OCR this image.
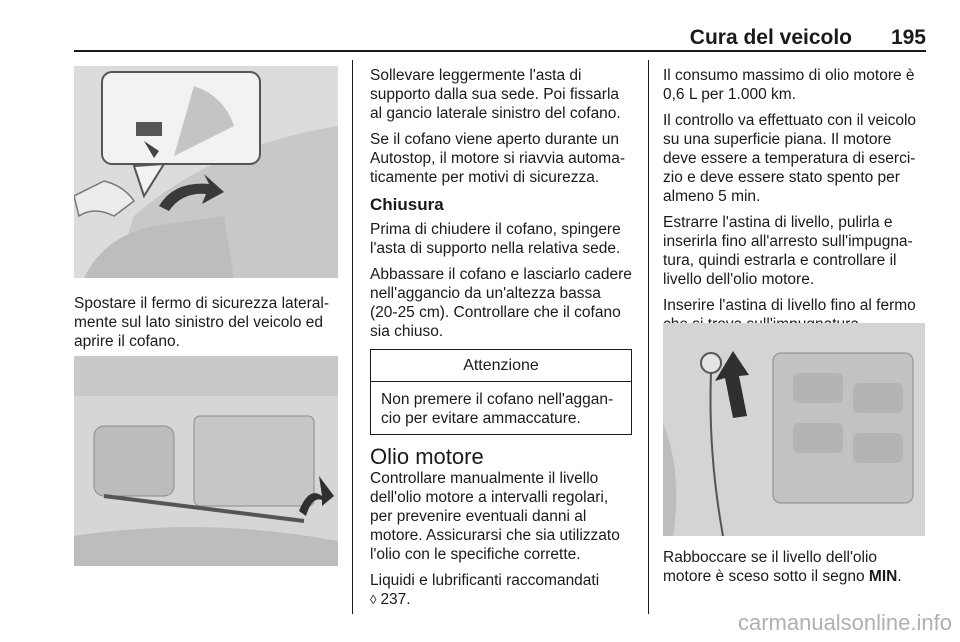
Cura del veicolo 195

Spostare il fermo di sicurezza lateral-mente sul lato sinistro del veicolo ed aprire il cofano.

Sollevare leggermente l'asta di supporto dalla sua sede. Poi fissarla al gancio laterale sinistro del cofano.

Se il cofano viene aperto durante un Autostop, il motore si riavvia automa-ticamente per motivi di sicurezza.

Chiusura

Prima di chiudere il cofano, spingere l'asta di supporto nella relativa sede.

Abbassare il cofano e lasciarlo cadere nell'aggancio da un'altezza bassa (20-25 cm). Controllare che il cofano sia chiuso.

Attenzione
Non premere il cofano nell'aggan-cio per evitare ammaccature.
Olio motore

Controllare manualmente il livello dell'olio motore a intervalli regolari, per prevenire eventuali danni al motore. Assicurarsi che sia utilizzato l'olio con le specifiche corrette.

Liquidi e lubrificanti raccomandati
◊ 237.

Il consumo massimo di olio motore è 0,6 L per 1.000 km.

Il controllo va effettuato con il veicolo su una superficie piana. Il motore deve essere a temperatura di eserci-zio e deve essere stato spento per almeno 5 min.

Estrarre l'astina di livello, pulirla e inserirla fino all'arresto sull'impugna-tura, quindi estrarla e controllare il livello dell'olio motore.

Inserire l'astina di livello fino al fermo

Rabboccare se il livello dell'olio motore è sceso sotto il segno MIN.

carmanualsonline.info
